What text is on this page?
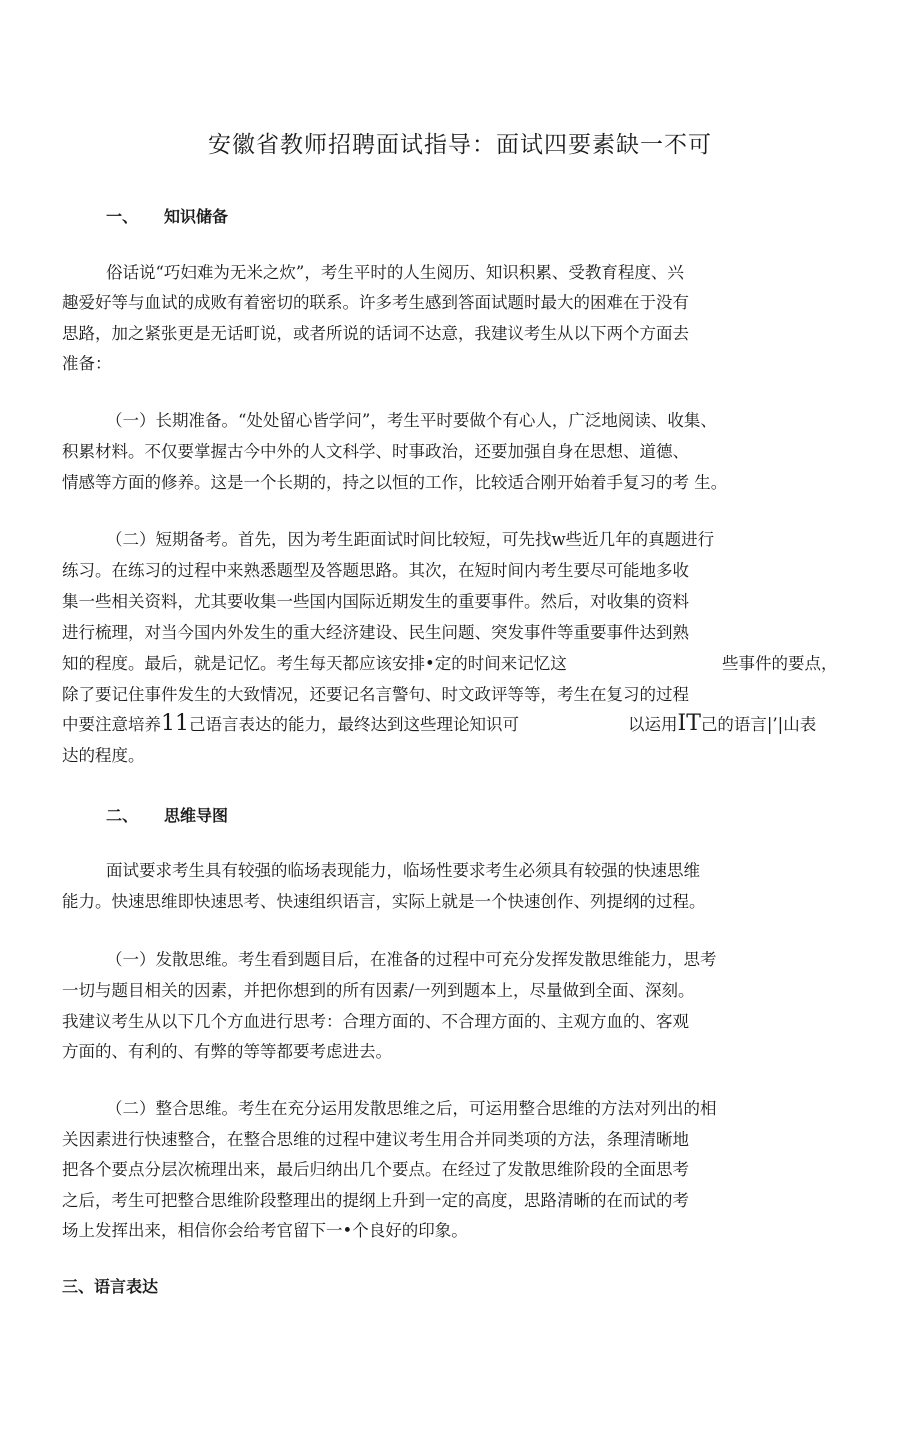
安徽省教师招聘面试指导：面试四要素缺一不可
一、 知识储备
俗话说“巧妇难为无米之炊”，考生平时的人生阅历、知识积累、受教育程度、兴
趣爱好等与血试的成败有着密切的联系。许多考生感到答面试题时最大的困难在于没有
思路，加之紧张更是无话町说，或者所说的话词不达意，我建议考生从以下两个方面去
准备：
（一）长期准备。“处处留心皆学问”，考生平时要做个有心人，广泛地阅读、收集、
积累材料。不仅要掌握古今中外的人文科学、时事政治，还要加强自身在思想、道德、
情感等方面的修养。这是一个长期的，持之以恒的工作，比较适合刚开始着手复习的考 生。
（二）短期备考。首先，因为考生距面试时间比较短，可先找w些近几年的真题进行
练习。在练习的过程中来熟悉题型及答题思路。其次，在短时间内考生要尽可能地多收
集一些相关资料，尤其要收集一些国内国际近期发生的重要事件。然后，对收集的资料
进行梳理，对当今国内外发生的重大经济建设、民生问题、突发事件等重要事件达到熟
知的程度。最后，就是记忆。考生每天都应该安排•定的时间来记忆这	些事件的要点，
除了要记住事件发生的大致情况，还要记名言警句、时文政评等等，考生在复习的过程
中要注意培养11己语言表达的能力，最终达到这些理论知识可	以运用IT己的语言|’|山表
达的程度。
二、 思维导图
面试要求考生具有较强的临场表现能力，临场性要求考生必须具有较强的快速思维
能力。快速思维即快速思考、快速组织语言，实际上就是一个快速创作、列提纲的过程。
（一）发散思维。考生看到题目后，在准备的过程中可充分发挥发散思维能力，思考
一切与题目相关的因素，并把你想到的所有因素/一列到题本上，尽量做到全面、深刻。
我建议考生从以下几个方血进行思考：合理方面的、不合理方面的、主观方血的、客观
方面的、有利的、有弊的等等都要考虑进去。
（二）整合思维。考生在充分运用发散思维之后，可运用整合思维的方法对列出的相
关因素进行快速整合，在整合思维的过程中建议考生用合并同类项的方法，条理清晰地
把各个要点分层次梳理出来，最后归纳出几个要点。在经过了发散思维阶段的全面思考
之后，考生可把整合思维阶段整理出的提纲上升到一定的高度，思路清晰的在而试的考
场上发挥出来，相信你会给考官留下一•个良好的印象。
三、语言表达
